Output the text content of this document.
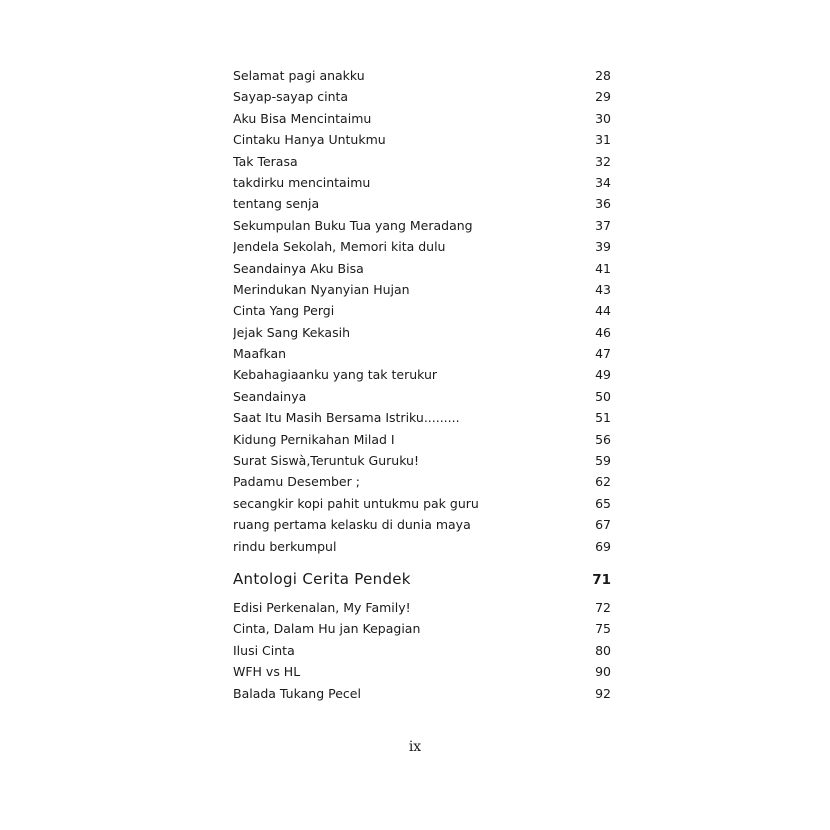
Selamat pagi anakku	28
Sayap-sayap cinta	29
Aku Bisa Mencintaimu	30
Cintaku Hanya Untukmu	31
Tak Terasa	32
takdirku mencintaimu	34
tentang senja	36
Sekumpulan Buku Tua yang Meradang	37
Jendela Sekolah, Memori kita dulu	39
Seandainya Aku Bisa	41
Merindukan Nyanyian Hujan	43
Cinta Yang Pergi	44
Jejak Sang Kekasih	46
Maafkan	47
Kebahagiaanku yang tak terukur	49
Seandainya	50
Saat Itu Masih Bersama Istriku.........	51
Kidung Pernikahan Milad I	56
Surat Siswà,Teruntuk Guruku!	59
Padamu Desember ;	62
secangkir kopi pahit untukmu pak guru	65
ruang pertama kelasku di dunia maya	67
rindu berkumpul	69
Antologi Cerita Pendek	71
Edisi Perkenalan, My Family!	72
Cinta, Dalam Hu jan Kepagian	75
Ilusi Cinta	80
WFH vs HL	90
Balada Tukang Pecel	92
ix
